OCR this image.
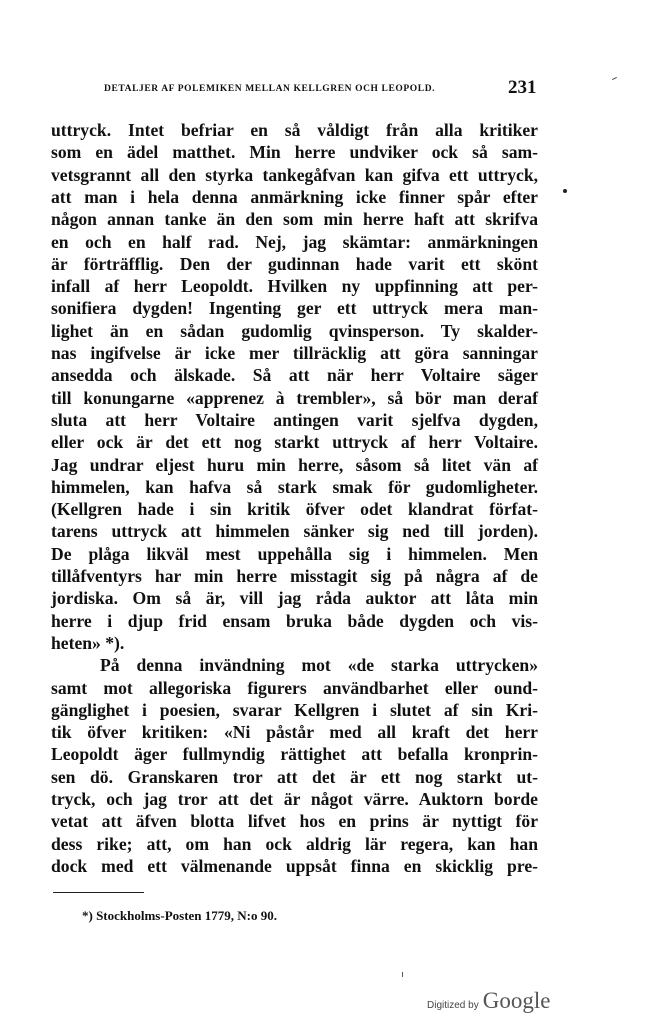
DETALJER AF POLEMIKEN MELLAN KELLGREN OCH LEOPOLD.	231
uttryck. Intet befriar en så våldigt från alla kritiker
som en ädel matthet. Min herre undviker ock så sam-
vetsgrannt all den styrka tankegåfvan kan gifva ett uttryck,
att man i hela denna anmärkning icke finner spår efter
någon annan tanke än den som min herre haft att skrifva
en och en half rad. Nej, jag skämtar: anmärkningen
är förträfflig. Den der gudinnan hade varit ett skönt
infall af herr Leopoldt. Hvilken ny uppfinning att per-
sonifiera dygden! Ingenting ger ett uttryck mera man-
lighet än en sådan gudomlig qvinsperson. Ty skalder-
nas ingifvelse är icke mer tillräcklig att göra sanningar
ansedda och älskade. Så att när herr Voltaire säger
till konungarne «apprenez à trembler», så bör man deraf
sluta att herr Voltaire antingen varit sjelfva dygden,
eller ock är det ett nog starkt uttryck af herr Voltaire.
Jag undrar eljest huru min herre, såsom så litet vän af
himmelen, kan hafva så stark smak för gudomligheter.
(Kellgren hade i sin kritik öfver odet klandrat förfat-
tarens uttryck att himmelen sänker sig ned till jorden).
De plåga likväl mest uppehålla sig i himmelen. Men
tillåfventyrs har min herre misstagit sig på några af de
jordiska. Om så är, vill jag råda auktor att låta min
herre i djup frid ensam bruka både dygden och vis-
heten» *).
På denna invändning mot «de starka uttrycken»
samt mot allegoriska figurers användbarhet eller ound-
gänglighet i poesien, svarar Kellgren i slutet af sin Kri-
tik öfver kritiken: «Ni påstår med all kraft det herr
Leopoldt äger fullmyndig rättighet att befalla kronprin-
sen dö. Granskaren tror att det är ett nog starkt ut-
tryck, och jag tror att det är något värre. Auktorn borde
vetat att äfven blotta lifvet hos en prins är nyttigt för
dess rike; att, om han ock aldrig lär regera, kan han
dock med ett välmenande uppsåt finna en skicklig pre-
*) Stockholms-Posten 1779, N:o 90.
Digitized by Google
